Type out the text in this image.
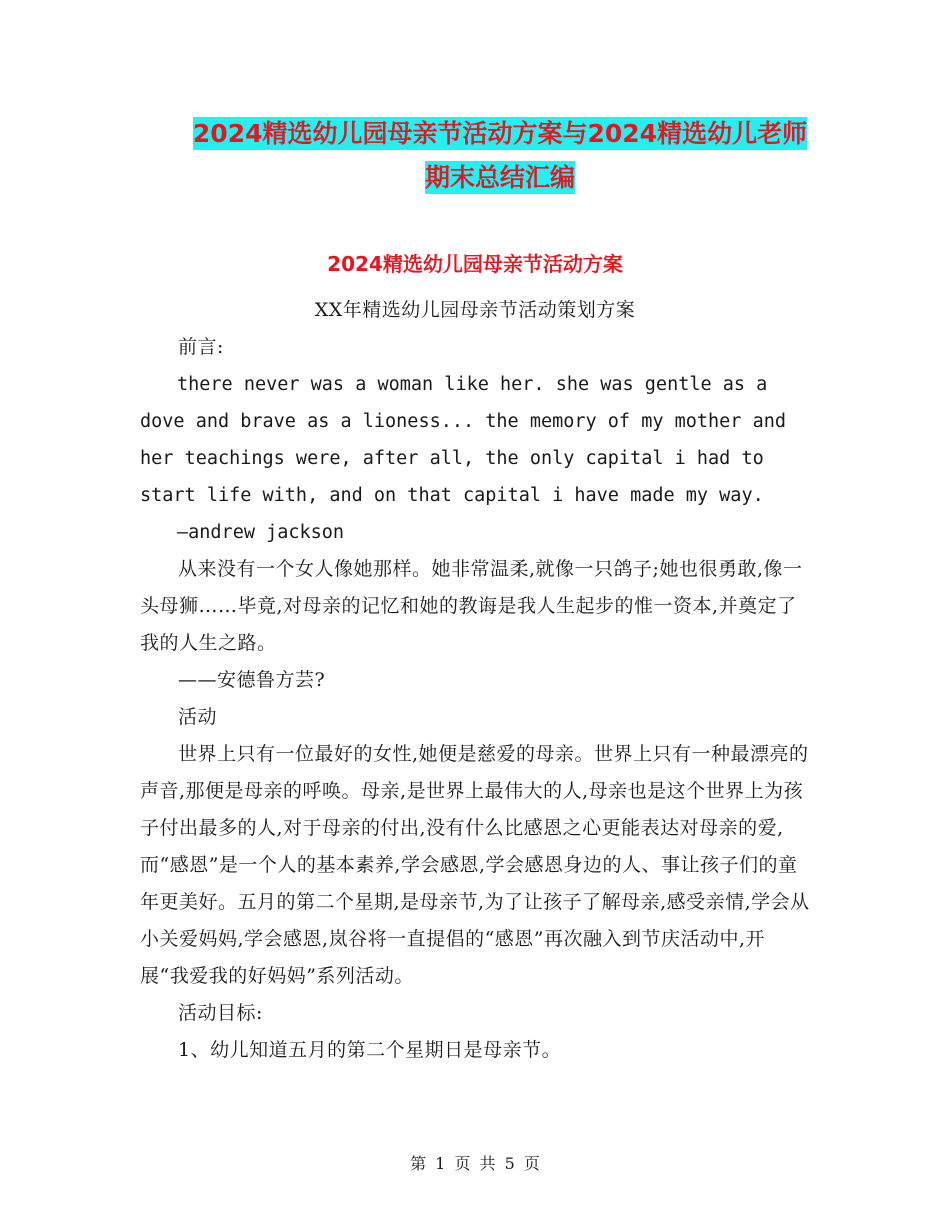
2024精选幼儿园母亲节活动方案与2024精选幼儿老师
期末总结汇编
2024精选幼儿园母亲节活动方案

XX年精选幼儿园母亲节活动策划方案

前言:

there never was a woman like her. she was gentle as a dove and brave as a lioness... the memory of my mother and her teachings were, after all, the only capital i had to start life with, and on that capital i have made my way.

—andrew jackson

从来没有一个女人像她那样。她非常温柔,就像一只鸽子;她也很勇敢,像一头母狮……毕竟,对母亲的记忆和她的教诲是我人生起步的惟一资本,并奠定了我的人生之路。

——安德鲁方芸?

活动

世界上只有一位最好的女性,她便是慈爱的母亲。世界上只有一种最漂亮的声音,那便是母亲的呼唤。母亲,是世界上最伟大的人,母亲也是这个世界上为孩子付出最多的人,对于母亲的付出,没有什么比感恩之心更能表达对母亲的爱,而“感恩”是一个人的基本素养,学会感恩,学会感恩身边的人、事让孩子们的童年更美好。五月的第二个星期,是母亲节,为了让孩子了解母亲,感受亲情,学会从小关爱妈妈,学会感恩,岚谷将一直提倡的“感恩”再次融入到节庆活动中,开展“我爱我的好妈妈”系列活动。

活动目标:

1、幼儿知道五月的第二个星期日是母亲节。

第 1 页 共 5 页
